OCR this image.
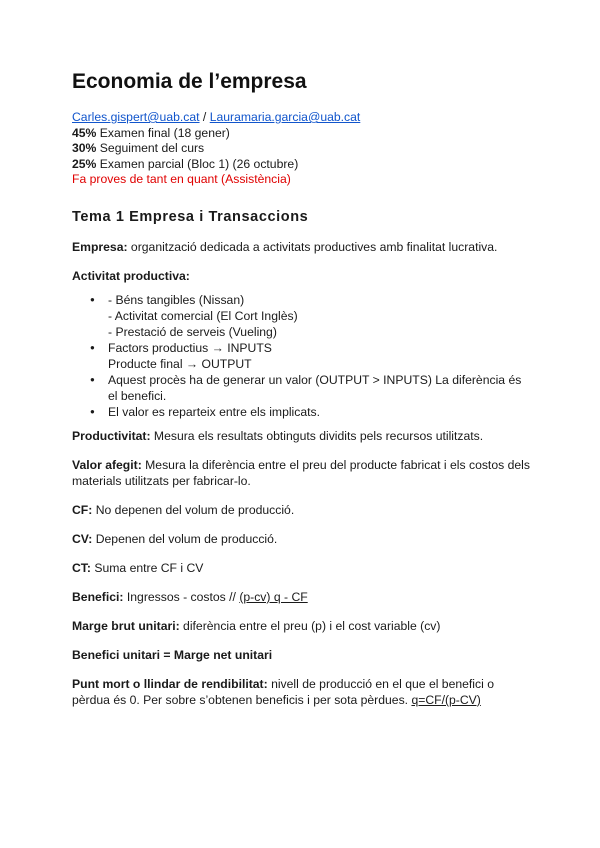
Economia de l’empresa
Carles.gispert@uab.cat / Lauramaria.garcia@uab.cat
45% Examen final (18 gener)
30% Seguiment del curs
25% Examen parcial (Bloc 1) (26 octubre)
Fa proves de tant en quant (Assistència)
Tema 1 Empresa i Transaccions

Empresa: organització dedicada a activitats productives amb finalitat lucrativa.

Activitat productiva:

● - Béns tangibles (Nissan)
- Activitat comercial (El Cort Inglès)
- Prestació de serveis (Vueling)
● Factors productius → INPUTS
Producte final → OUTPUT
● Aquest procès ha de generar un valor (OUTPUT > INPUTS) La diferència és
el benefici.
● El valor es reparteix entre els implicats.

Productivitat: Mesura els resultats obtinguts dividits pels recursos utilitzats.

Valor afegit: Mesura la diferència entre el preu del producte fabricat i els costos dels
materials utilitzats per fabricar-lo.

CF: No depenen del volum de producció.

CV: Depenen del volum de producció.

CT: Suma entre CF i CV

Benefici: Ingressos - costos // (p-cv) q - CF

Marge brut unitari: diferència entre el preu (p) i el cost variable (cv)

Benefici unitari = Marge net unitari

Punt mort o llindar de rendibilitat: nivell de producció en el que el benefici o
pèrdua és 0. Per sobre s’obtenen beneficis i per sota pèrdues. q=CF/(p-CV)
